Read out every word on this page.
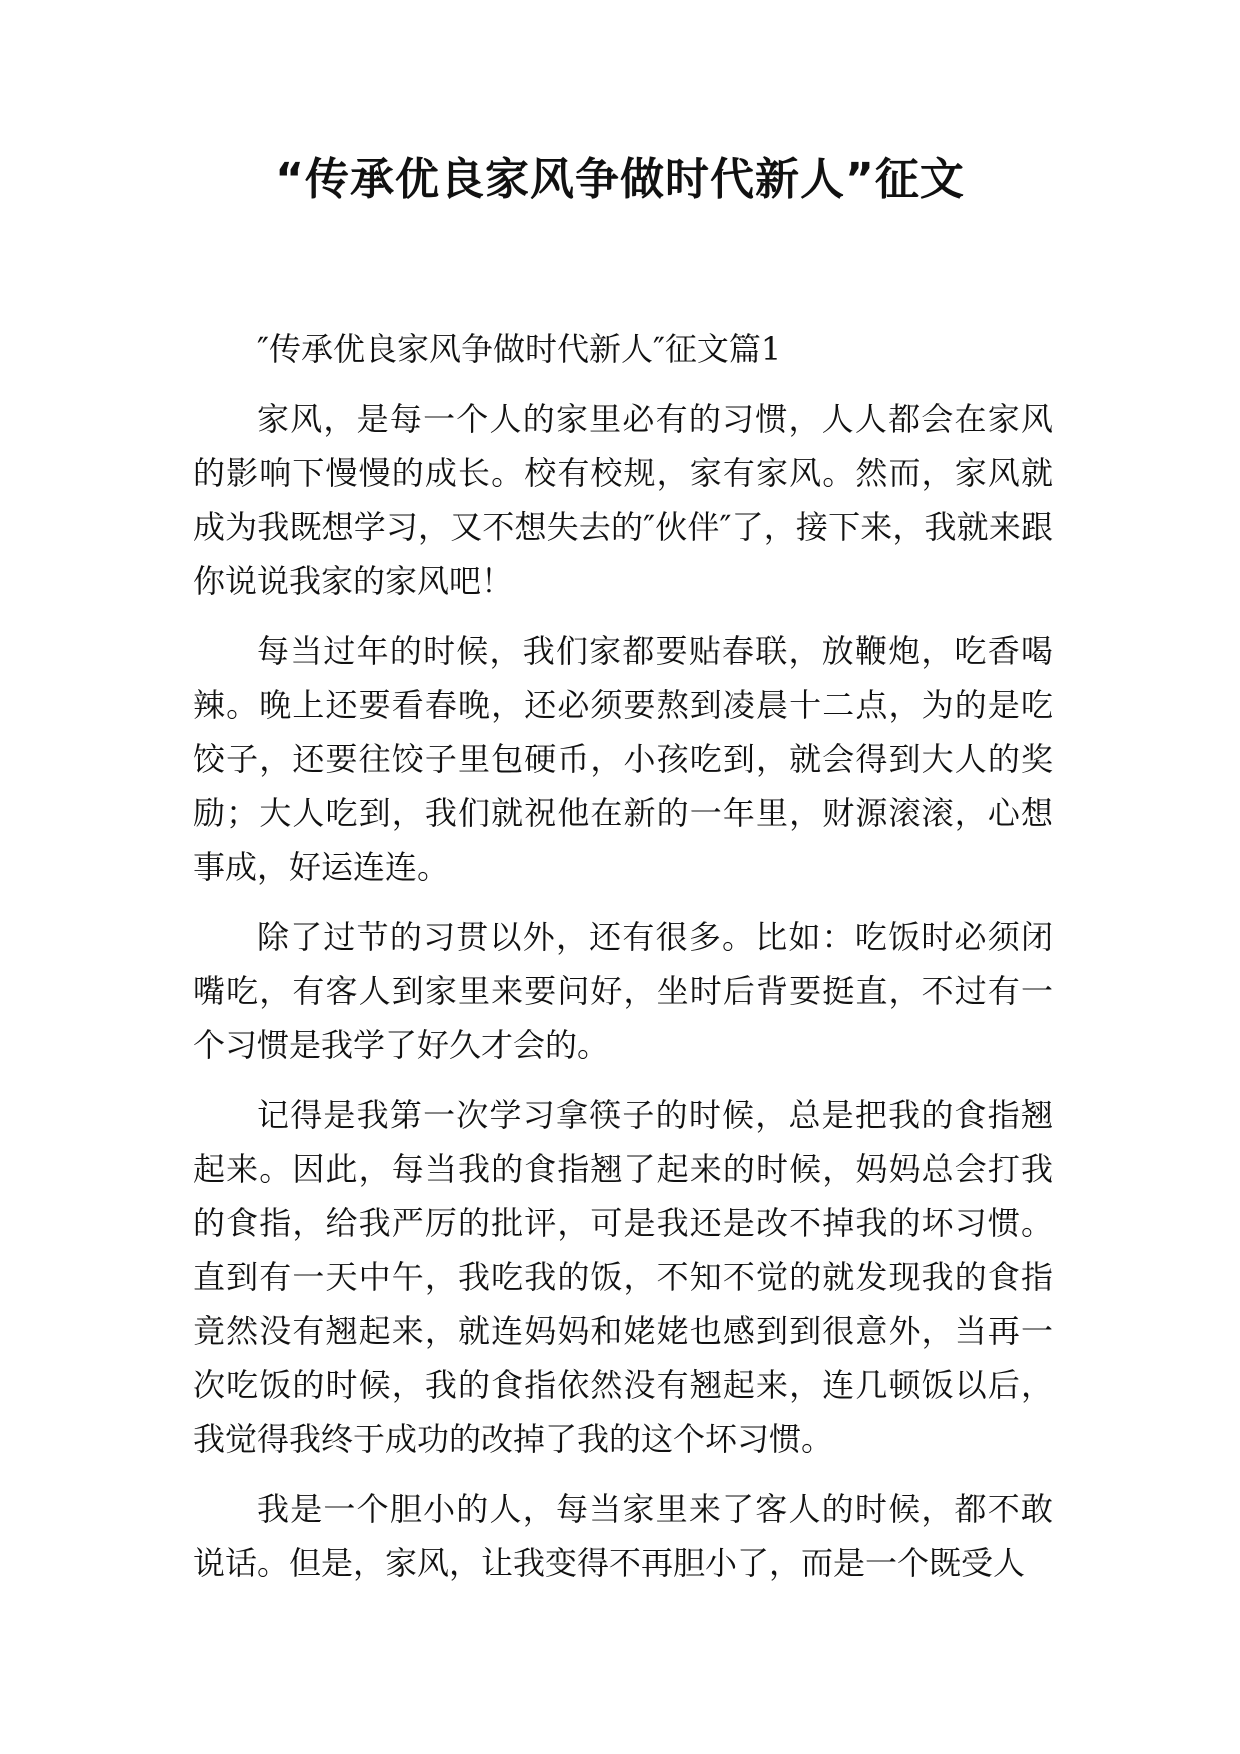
“传承优良家风争做时代新人”征文

″传承优良家风争做时代新人″征文篇1

家风，是每一个人的家里必有的习惯，人人都会在家风的影响下慢慢的成长。校有校规，家有家风。然而，家风就成为我既想学习，又不想失去的″伙伴″了，接下来，我就来跟你说说我家的家风吧！

每当过年的时候，我们家都要贴春联，放鞭炮，吃香喝辣。晚上还要看春晚，还必须要熬到凌晨十二点，为的是吃饺子，还要往饺子里包硬币，小孩吃到，就会得到大人的奖励；大人吃到，我们就祝他在新的一年里，财源滚滚，心想事成，好运连连。

除了过节的习贯以外，还有很多。比如：吃饭时必须闭嘴吃，有客人到家里来要问好，坐时后背要挺直，不过有一个习惯是我学了好久才会的。

记得是我第一次学习拿筷子的时候，总是把我的食指翘起来。因此，每当我的食指翘了起来的时候，妈妈总会打我的食指，给我严厉的批评，可是我还是改不掉我的坏习惯。直到有一天中午，我吃我的饭，不知不觉的就发现我的食指竟然没有翘起来，就连妈妈和姥姥也感到到很意外，当再一次吃饭的时候，我的食指依然没有翘起来，连几顿饭以后，我觉得我终于成功的改掉了我的这个坏习惯。

我是一个胆小的人，每当家里来了客人的时候，都不敢说话。但是，家风，让我变得不再胆小了，而是一个既受人
